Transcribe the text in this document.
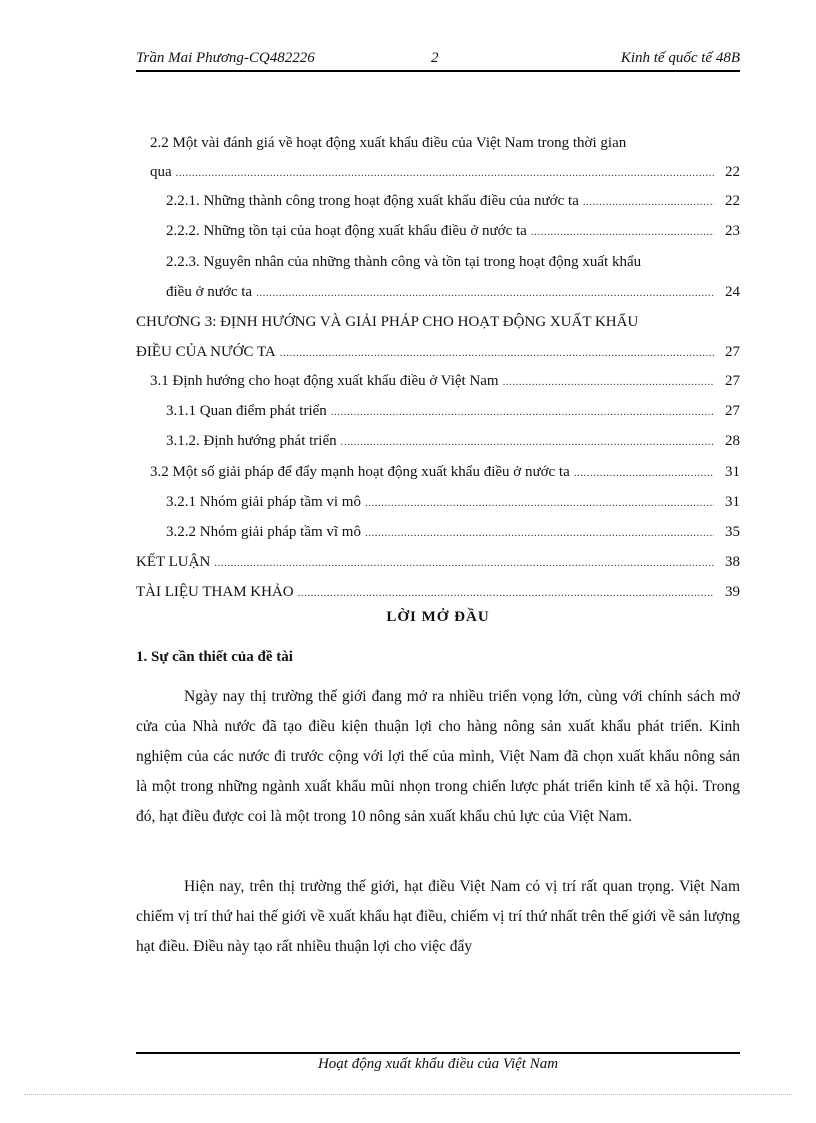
Trần Mai Phương-CQ482226	2	Kinh tế quốc tế 48B
2.2 Một vài đánh giá về hoạt động xuất khẩu điều của Việt Nam trong thời gian
qua .....	22
2.2.1. Những thành công trong hoạt động xuất khẩu điều của nước ta .....	22
2.2.2. Những tồn tại của hoạt động xuất khẩu điều ở nước ta .....	23
2.2.3. Nguyên nhân của những thành công và tồn tại trong hoạt động xuất khẩu
điều ở nước ta .....	24
CHƯƠNG 3: ĐỊNH HƯỚNG VÀ GIẢI PHÁP CHO HOẠT ĐỘNG XUẤT KHẨU
ĐIỀU CỦA NƯỚC TA .....	27
3.1 Định hướng cho hoạt động xuất khẩu điều ở Việt Nam .....	27
3.1.1 Quan điểm phát triển .....	27
3.1.2. Định hướng phát triển .....	28
3.2 Một số giải pháp để đẩy mạnh hoạt động xuất khẩu điều ở nước ta .....	31
3.2.1 Nhóm giải pháp tầm vi mô .....	31
3.2.2 Nhóm giải pháp tầm vĩ mô .....	35
KẾT LUẬN .....	38
TÀI LIỆU THAM KHẢO .....	39
LỜI MỞ ĐẦU
1. Sự cần thiết của đề tài

Ngày nay thị trường thế giới đang mở ra nhiều triển vọng lớn, cùng với chính sách mở cửa của Nhà nước đã tạo điều kiện thuận lợi cho hàng nông sản xuất khẩu phát triển. Kinh nghiệm của các nước đi trước cộng với lợi thế của mình, Việt Nam đã chọn xuất khẩu nông sản là một trong những ngành xuất khẩu mũi nhọn trong chiến lược phát triển kinh tế xã hội. Trong đó, hạt điều được coi là một trong 10 nông sản xuất khẩu chủ lực của Việt Nam.

Hiện nay, trên thị trường thế giới, hạt điều Việt Nam có vị trí rất quan trọng. Việt Nam chiếm vị trí thứ hai thế giới về xuất khẩu hạt điều, chiếm vị trí thứ nhất trên thế giới về sản lượng hạt điều. Điều này tạo rất nhiều thuận lợi cho việc đẩy

Hoạt động xuất khẩu điều của Việt Nam
